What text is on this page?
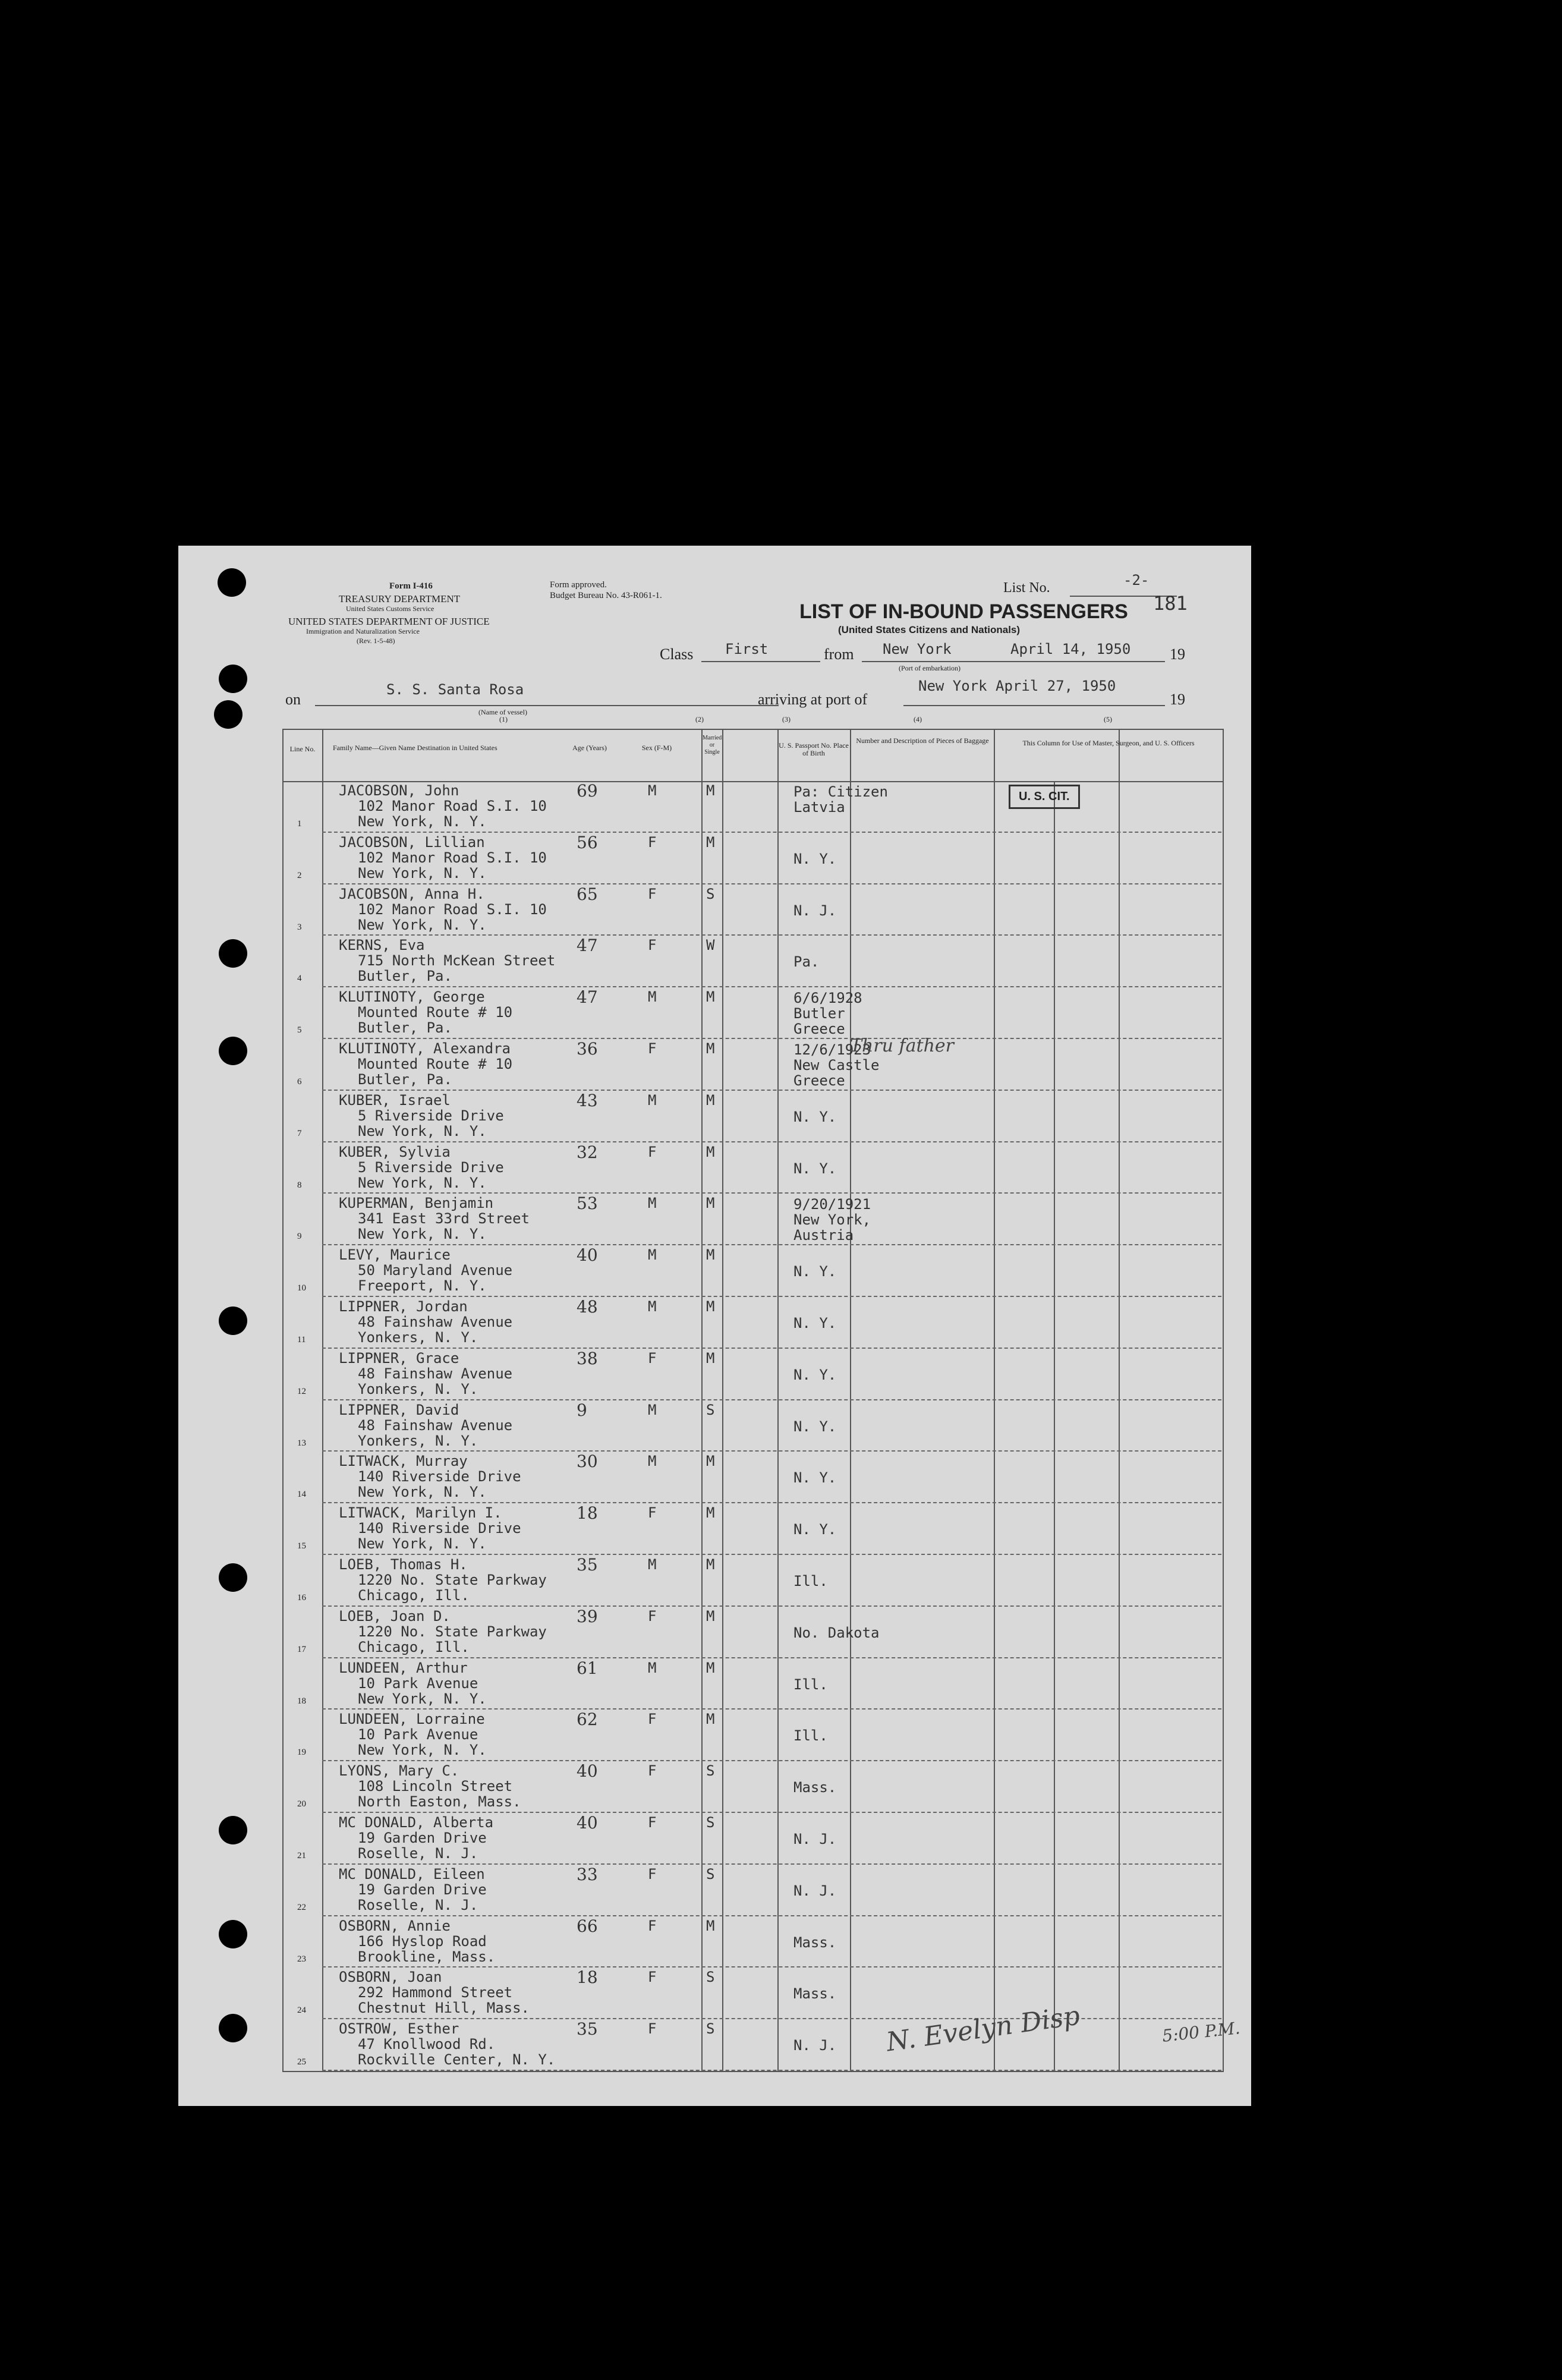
Form I-416
TREASURY DEPARTMENT
United States Customs Service
UNITED STATES DEPARTMENT OF JUSTICE
Immigration and Naturalization Service
(Rev. 1-5-48)
Form approved.
Budget Bureau No. 43-R061-1.
LIST OF IN-BOUND PASSENGERS
(United States Citizens and Nationals)
List No.	-2-
181
Class First	from New York	April 14, 1950	19
(Port of embarkation)
on
S. S. Santa Rosa
(Name of vessel)
arriving at port of
New York April 27, 1950
19
(1)	(2)	(3)	(4)	(5)
Line No.	Family Name—Given Name Destination in United States	Age (Years)	Sex (F-M)
Married or Single
U. S. Passport No. Place of Birth
Number and Description of Pieces of Baggage	This Column for Use of Master, Surgeon, and U. S. Officers
U. S. CIT.
1
JACOBSON, John
102 Manor Road S.I. 10
New York, N. Y.
69	M	M	Pa: Citizen
Latvia
2
JACOBSON, Lillian
102 Manor Road S.I. 10
New York, N. Y.
56	F	M
N. Y.
3
JACOBSON, Anna H.
102 Manor Road S.I. 10
New York, N. Y.
65	F	S
N. J.
4
KERNS, Eva
715 North McKean Street
Butler, Pa.
47	F	W
Pa.
5
KLUTINOTY, George
Mounted Route # 10
Butler, Pa.
47	M	M	6/6/1928
Butler
Greece
6
KLUTINOTY, Alexandra
Mounted Route # 10
Butler, Pa.
36	F	M	12/6/1923
New Castle
Greece
7
KUBER, Israel
5 Riverside Drive
New York, N. Y.
43	M	M
N. Y.
8
KUBER, Sylvia
5 Riverside Drive
New York, N. Y.
32	F	M
N. Y.
9
KUPERMAN, Benjamin
341 East 33rd Street
New York, N. Y.
53	M	M	9/20/1921
New York,
Austria
10
LEVY, Maurice
50 Maryland Avenue
Freeport, N. Y.
40	M	M
N. Y.
11
LIPPNER, Jordan
48 Fainshaw Avenue
Yonkers, N. Y.
48	M	M
N. Y.
12
LIPPNER, Grace
48 Fainshaw Avenue
Yonkers, N. Y.
38	F	M
N. Y.
13
LIPPNER, David
48 Fainshaw Avenue
Yonkers, N. Y.
9	M	S
N. Y.
14
LITWACK, Murray
140 Riverside Drive
New York, N. Y.
30	M	M
N. Y.
15
LITWACK, Marilyn I.
140 Riverside Drive
New York, N. Y.
18	F	M
N. Y.
16
LOEB, Thomas H.
1220 No. State Parkway
Chicago, Ill.
35	M	M
Ill.
17
LOEB, Joan D.
1220 No. State Parkway
Chicago, Ill.
39	F	M
No. Dakota
18
LUNDEEN, Arthur
10 Park Avenue
New York, N. Y.
61	M	M
Ill.
19
LUNDEEN, Lorraine
10 Park Avenue
New York, N. Y.
62	F	M
Ill.
20
LYONS, Mary C.
108 Lincoln Street
North Easton, Mass.
40	F	S
Mass.
21
MC DONALD, Alberta
19 Garden Drive
Roselle, N. J.
40	F	S
N. J.
22
MC DONALD, Eileen
19 Garden Drive
Roselle, N. J.
33	F	S
N. J.
23
OSBORN, Annie
166 Hyslop Road
Brookline, Mass.
66	F	M
Mass.
24
OSBORN, Joan
292 Hammond Street
Chestnut Hill, Mass.
18	F	S
Mass.
25
OSTROW, Esther
47 Knollwood Rd.
Rockville Center, N. Y.
35	F	S
N. J.
Thru father
N. Evelyn Disp	5:00 P.M.
